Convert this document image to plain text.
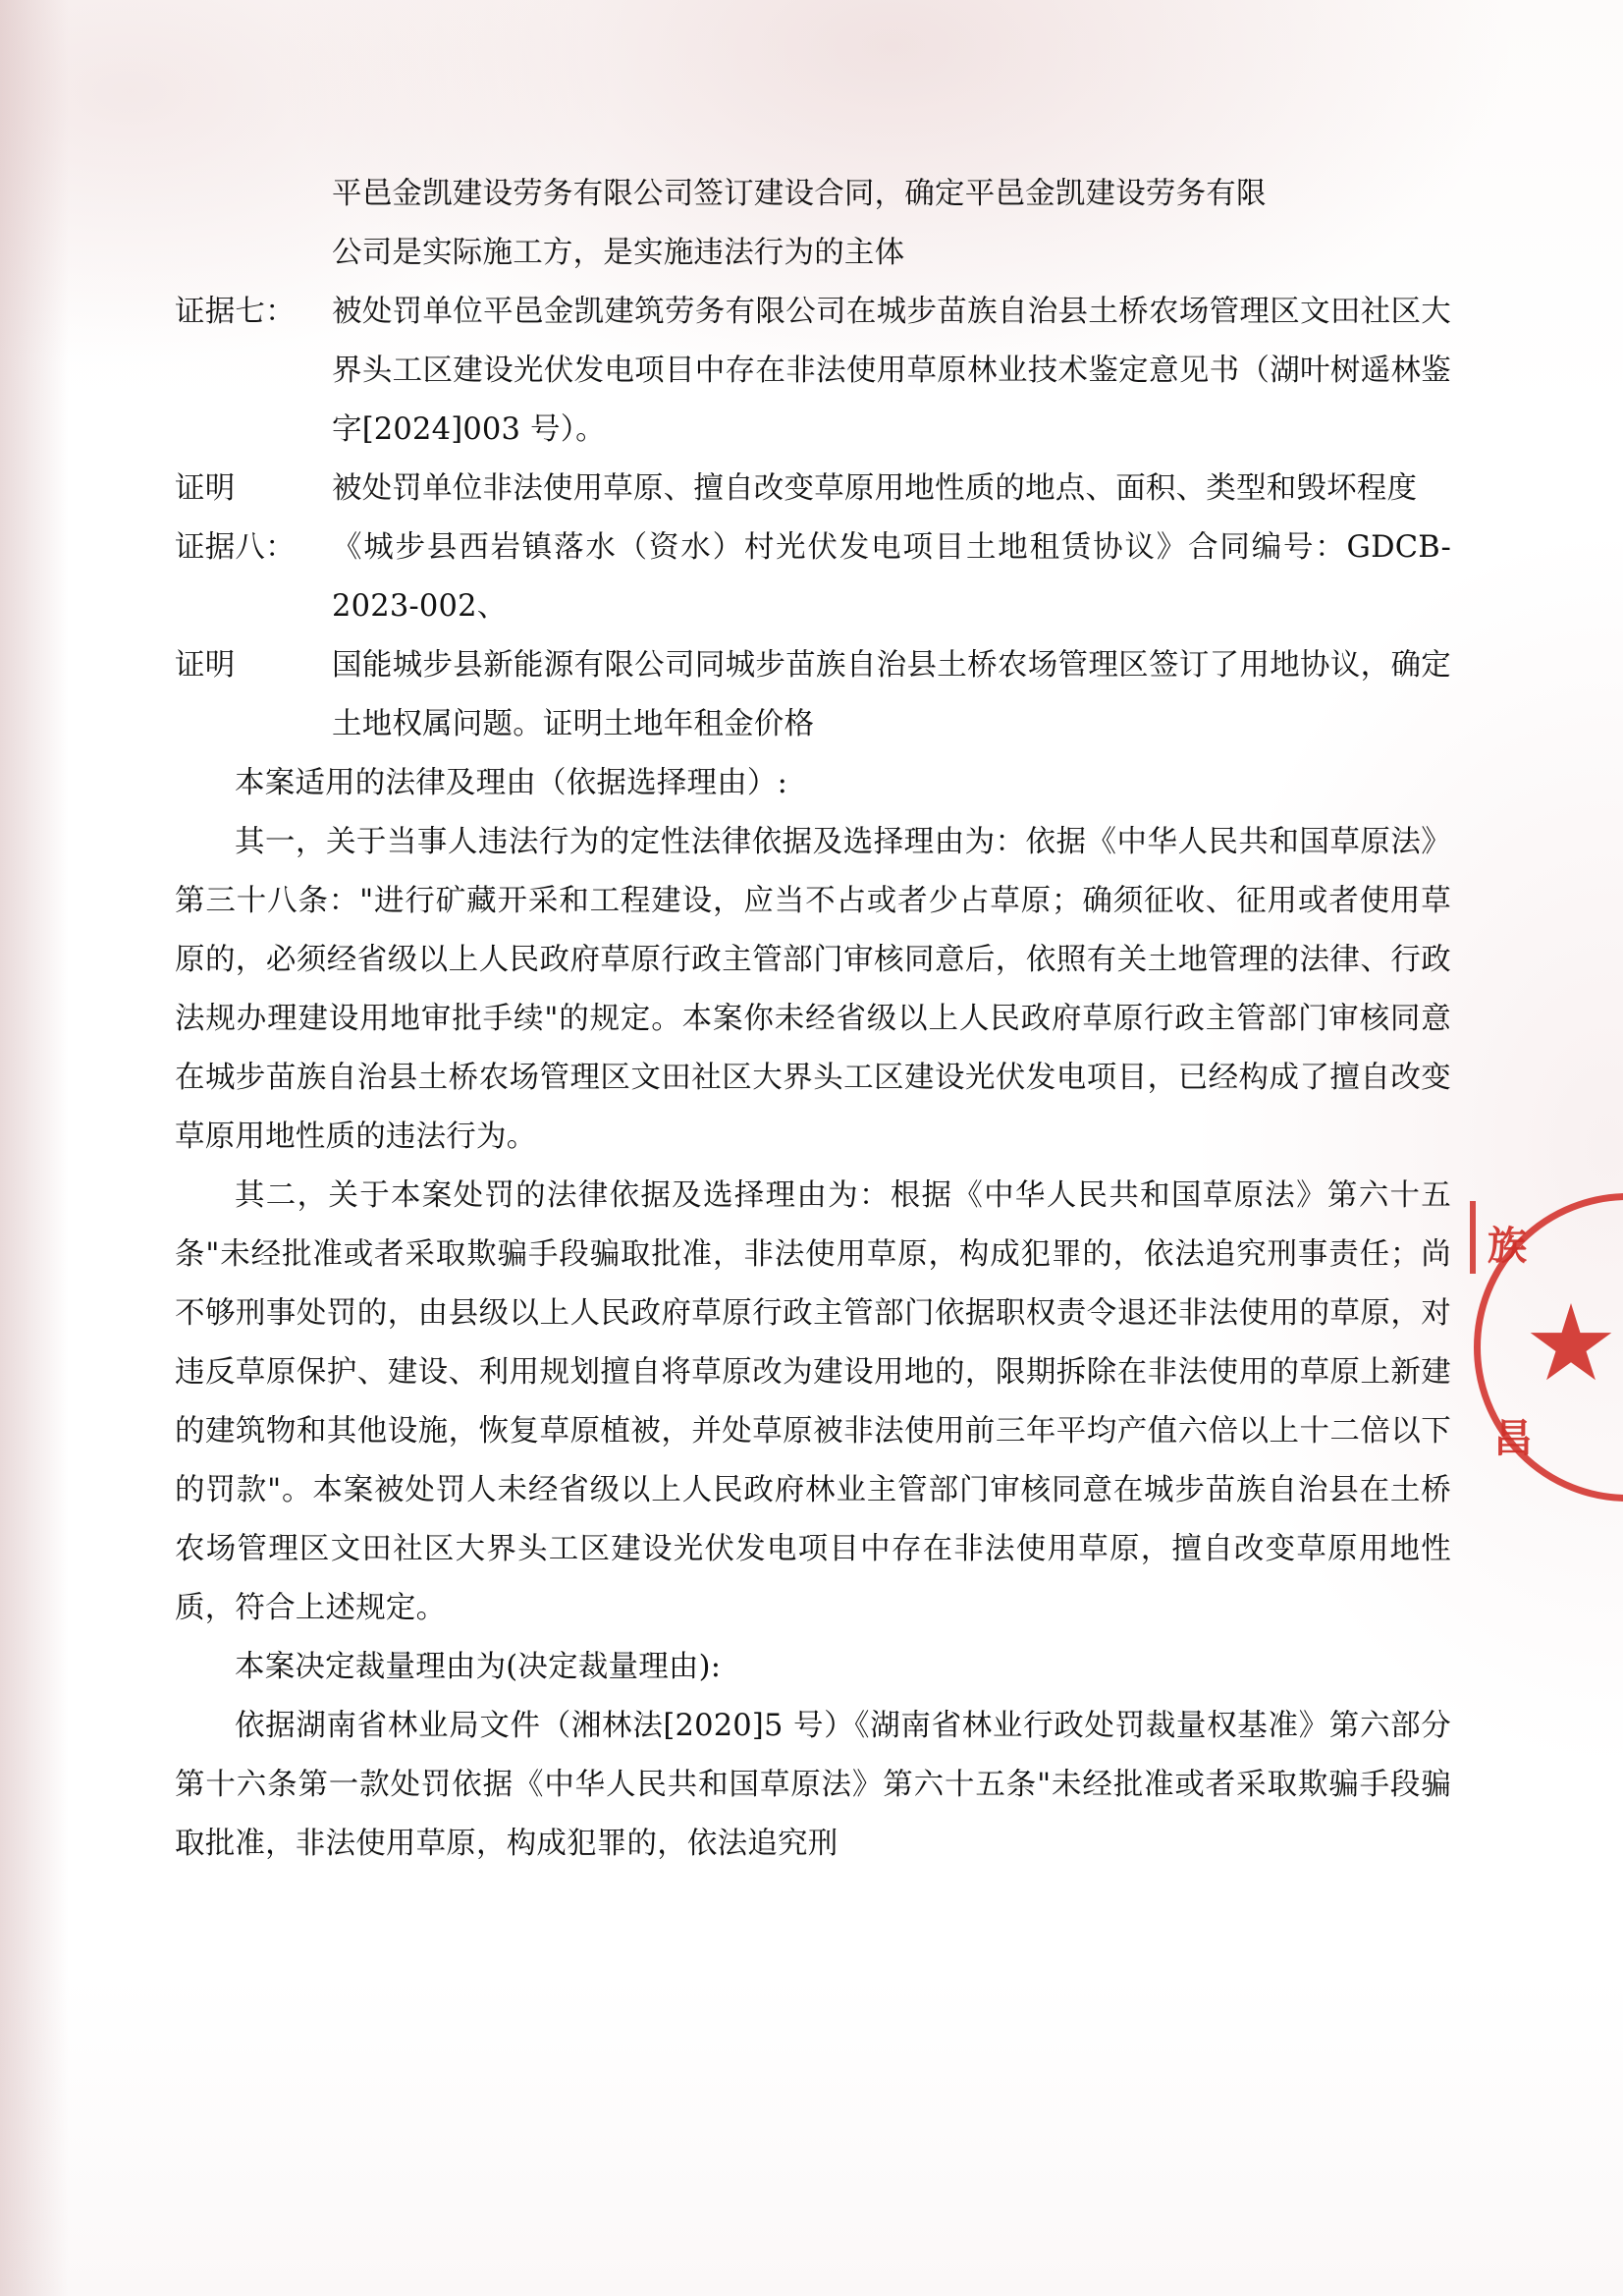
平邑金凯建设劳务有限公司签订建设合同，确定平邑金凯建设劳务有限
公司是实际施工方，是实施违法行为的主体
证据七：	被处罚单位平邑金凯建筑劳务有限公司在城步苗族自治县土桥农场管理区文田社区大界头工区建设光伏发电项目中存在非法使用草原林业技术鉴定意见书（湖叶树遥林鉴字[2024]003 号）。
证明	被处罚单位非法使用草原、擅自改变草原用地性质的地点、面积、类型和毁坏程度
证据八：	《城步县西岩镇落水（资水）村光伏发电项目土地租赁协议》合同编号：GDCB-2023-002、
证明	国能城步县新能源有限公司同城步苗族自治县土桥农场管理区签订了用地协议，确定土地权属问题。证明土地年租金价格

本案适用的法律及理由（依据选择理由）:

其一，关于当事人违法行为的定性法律依据及选择理由为：依据《中华人民共和国草原法》第三十八条："进行矿藏开采和工程建设，应当不占或者少占草原；确须征收、征用或者使用草原的，必须经省级以上人民政府草原行政主管部门审核同意后，依照有关土地管理的法律、行政法规办理建设用地审批手续"的规定。本案你未经省级以上人民政府草原行政主管部门审核同意在城步苗族自治县土桥农场管理区文田社区大界头工区建设光伏发电项目，已经构成了擅自改变草原用地性质的违法行为。

其二，关于本案处罚的法律依据及选择理由为：根据《中华人民共和国草原法》第六十五条"未经批准或者采取欺骗手段骗取批准，非法使用草原，构成犯罪的，依法追究刑事责任；尚不够刑事处罚的，由县级以上人民政府草原行政主管部门依据职权责令退还非法使用的草原，对违反草原保护、建设、利用规划擅自将草原改为建设用地的，限期拆除在非法使用的草原上新建的建筑物和其他设施，恢复草原植被，并处草原被非法使用前三年平均产值六倍以上十二倍以下的罚款"。本案被处罚人未经省级以上人民政府林业主管部门审核同意在城步苗族自治县在土桥农场管理区文田社区大界头工区建设光伏发电项目中存在非法使用草原，擅自改变草原用地性质，符合上述规定。

本案决定裁量理由为(决定裁量理由):

依据湖南省林业局文件（湘林法[2020]5 号）《湖南省林业行政处罚裁量权基准》第六部分第十六条第一款处罚依据《中华人民共和国草原法》第六十五条"未经批准或者采取欺骗手段骗取批准，非法使用草原，构成犯罪的，依法追究刑

族
昌
